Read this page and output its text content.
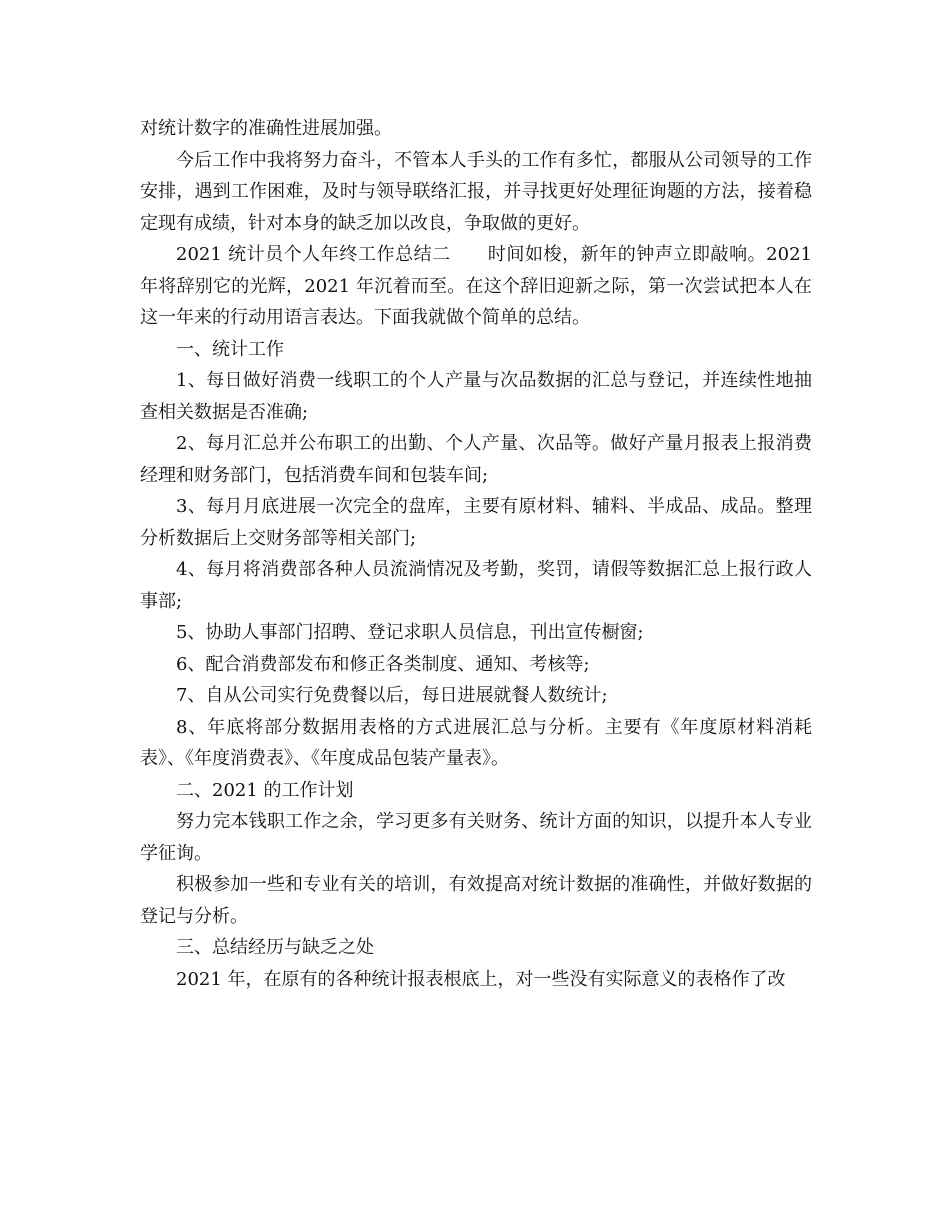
对统计数字的准确性进展加强。

今后工作中我将努力奋斗，不管本人手头的工作有多忙，都服从公司领导的工作安排，遇到工作困难，及时与领导联络汇报，并寻找更好处理征询题的方法，接着稳定现有成绩，针对本身的缺乏加以改良，争取做的更好。

2021 统计员个人年终工作总结二　　时间如梭，新年的钟声立即敲响。2021 年将辞别它的光辉，2021 年沉着而至。在这个辞旧迎新之际，第一次尝试把本人在这一年来的行动用语言表达。下面我就做个简单的总结。

一、统计工作

1、每日做好消费一线职工的个人产量与次品数据的汇总与登记，并连续性地抽查相关数据是否准确;

2、每月汇总并公布职工的出勤、个人产量、次品等。做好产量月报表上报消费经理和财务部门，包括消费车间和包装车间;

3、每月月底进展一次完全的盘库，主要有原材料、辅料、半成品、成品。整理分析数据后上交财务部等相关部门;

4、每月将消费部各种人员流淌情况及考勤，奖罚，请假等数据汇总上报行政人事部;

5、协助人事部门招聘、登记求职人员信息，刊出宣传橱窗;

6、配合消费部发布和修正各类制度、通知、考核等;

7、自从公司实行免费餐以后，每日进展就餐人数统计;

8、年底将部分数据用表格的方式进展汇总与分析。主要有《年度原材料消耗表》、《年度消费表》、《年度成品包装产量表》。

二、2021 的工作计划

努力完本钱职工作之余，学习更多有关财务、统计方面的知识，以提升本人专业学征询。

积极参加一些和专业有关的培训，有效提高对统计数据的准确性，并做好数据的登记与分析。

三、总结经历与缺乏之处

2021 年，在原有的各种统计报表根底上，对一些没有实际意义的表格作了改
